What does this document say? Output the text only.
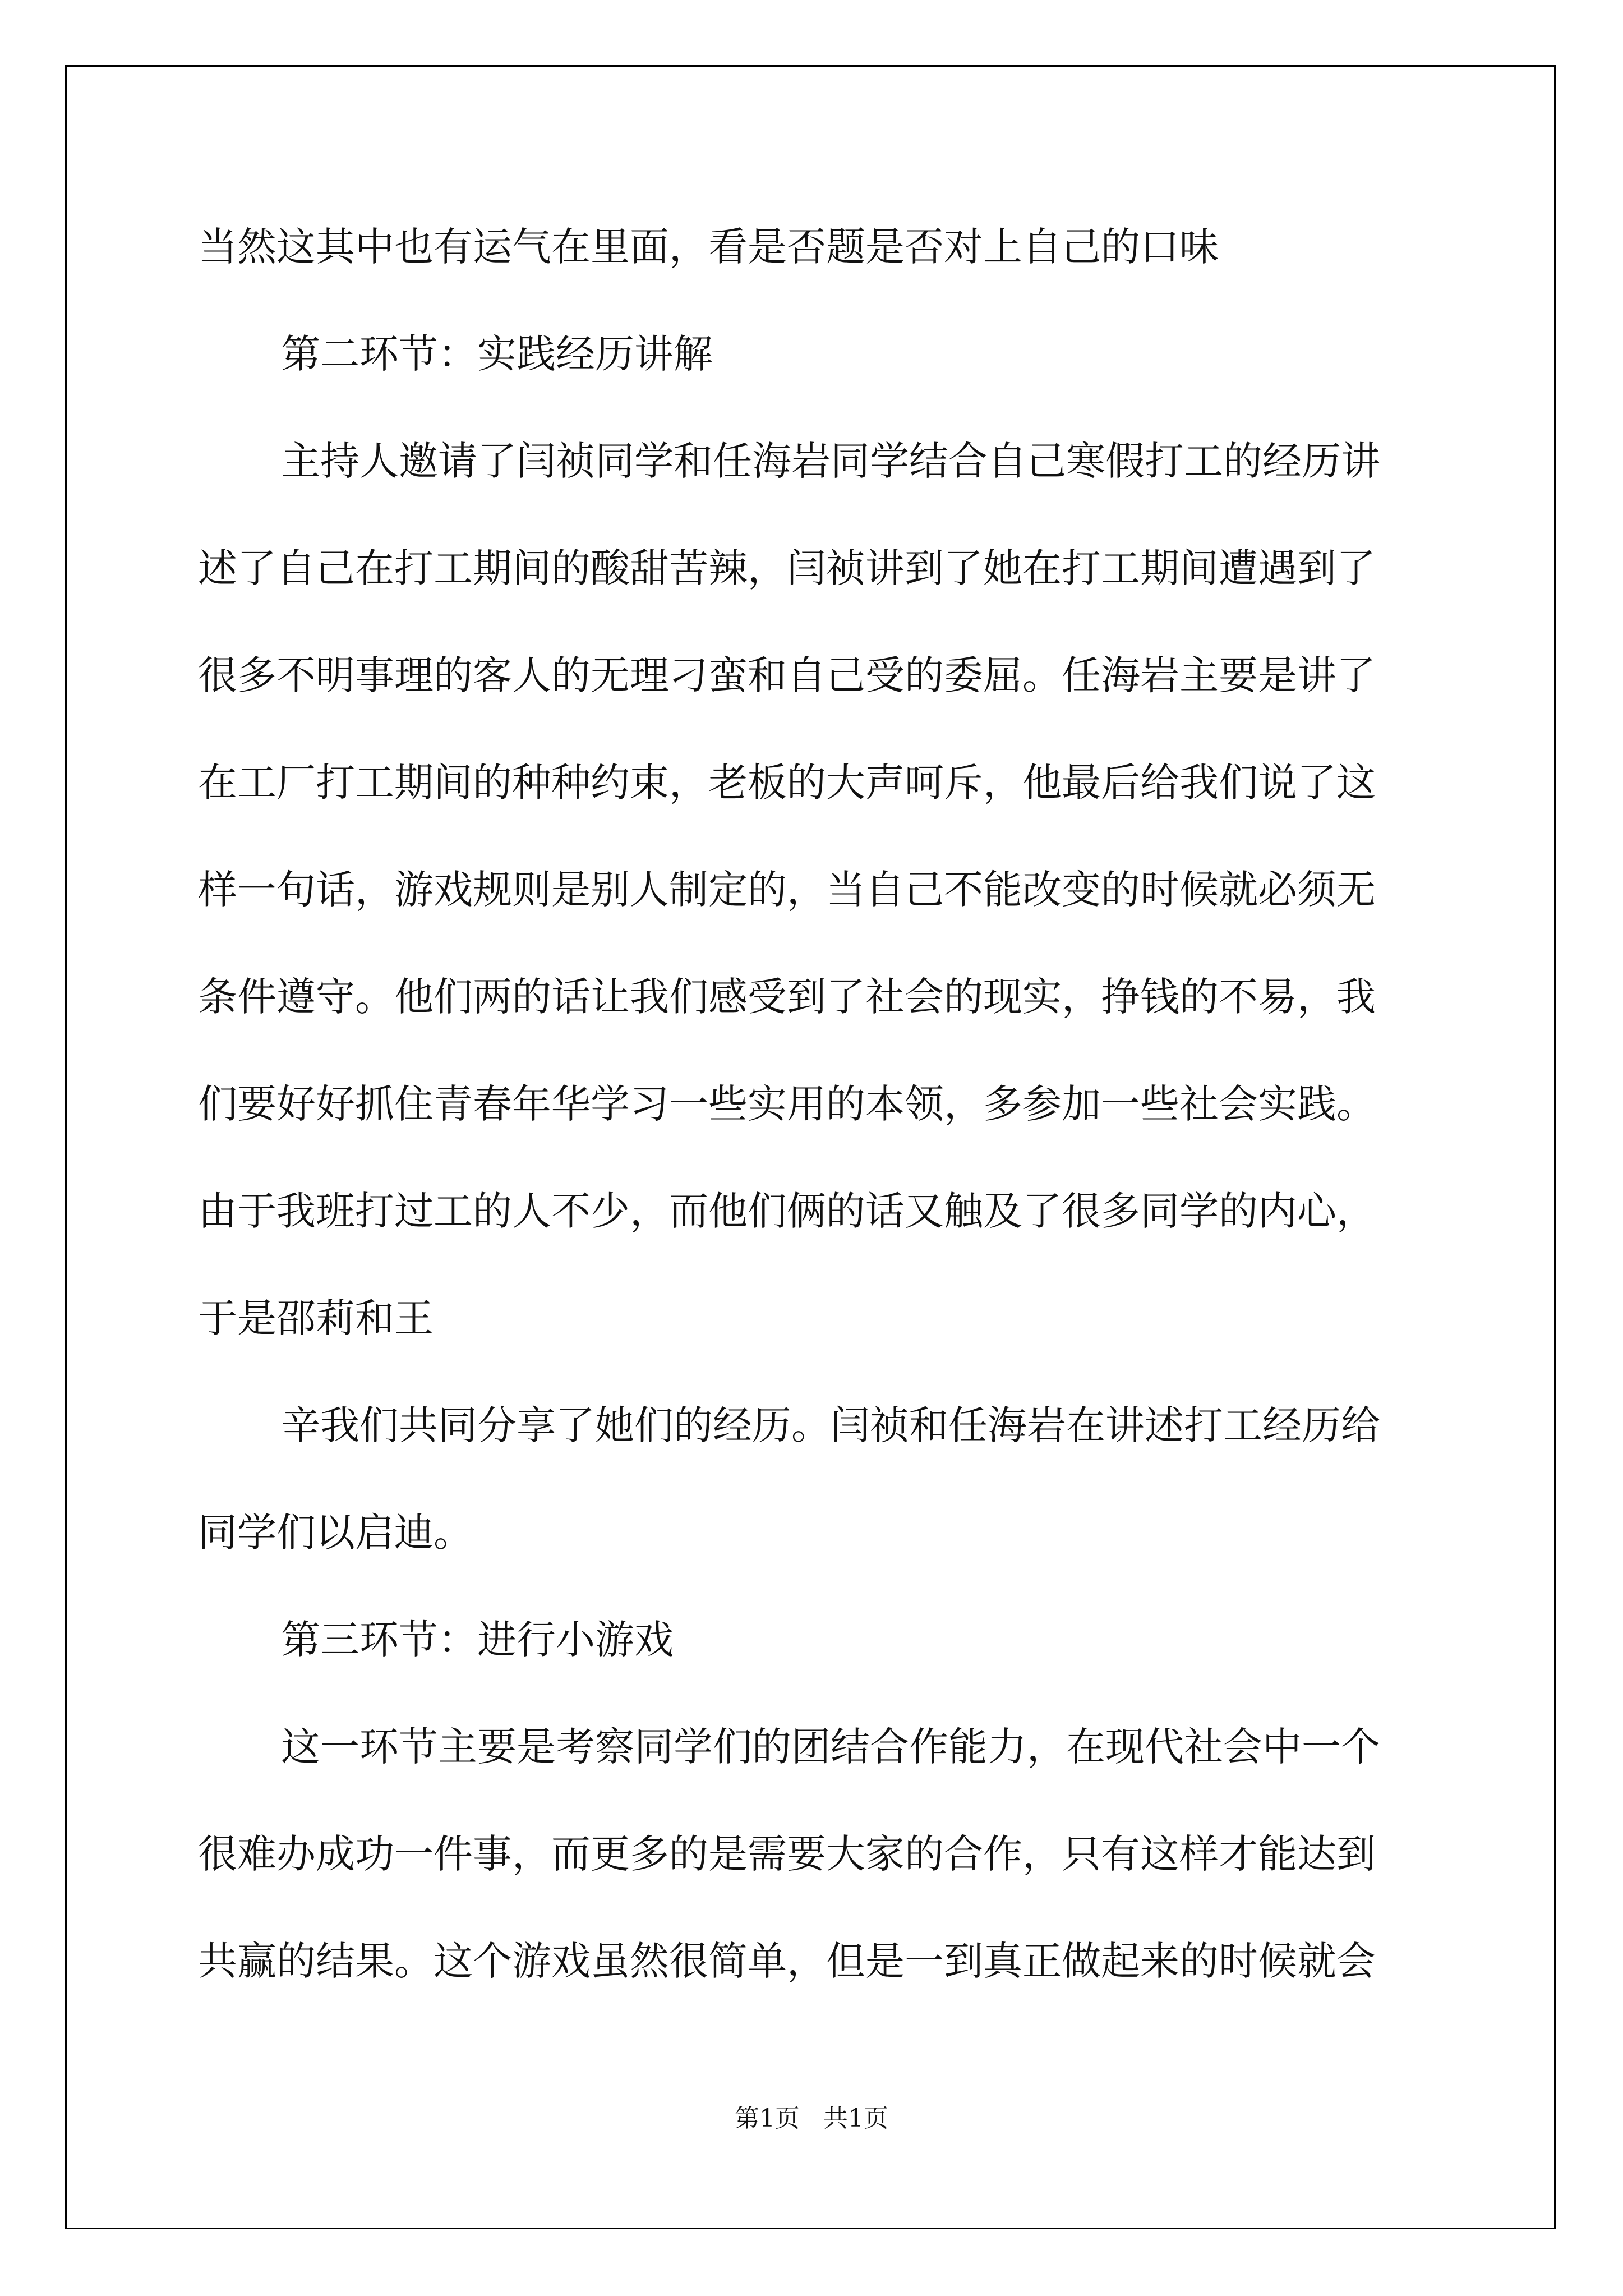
当然这其中也有运气在里面，看是否题是否对上自己的口味
第二环节：实践经历讲解
主持人邀请了闫祯同学和任海岩同学结合自己寒假打工的经历讲
述了自己在打工期间的酸甜苦辣，闫祯讲到了她在打工期间遭遇到了
很多不明事理的客人的无理刁蛮和自己受的委屈。任海岩主要是讲了
在工厂打工期间的种种约束，老板的大声呵斥，他最后给我们说了这
样一句话，游戏规则是别人制定的，当自己不能改变的时候就必须无
条件遵守。他们两的话让我们感受到了社会的现实，挣钱的不易，我
们要好好抓住青春年华学习一些实用的本领，多参加一些社会实践。
由于我班打过工的人不少，而他们俩的话又触及了很多同学的内心，
于是邵莉和王
辛我们共同分享了她们的经历。闫祯和任海岩在讲述打工经历给
同学们以启迪。
第三环节：进行小游戏
这一环节主要是考察同学们的团结合作能力，在现代社会中一个
很难办成功一件事，而更多的是需要大家的合作，只有这样才能达到
共赢的结果。这个游戏虽然很简单，但是一到真正做起来的时候就会
第1页 共1页
